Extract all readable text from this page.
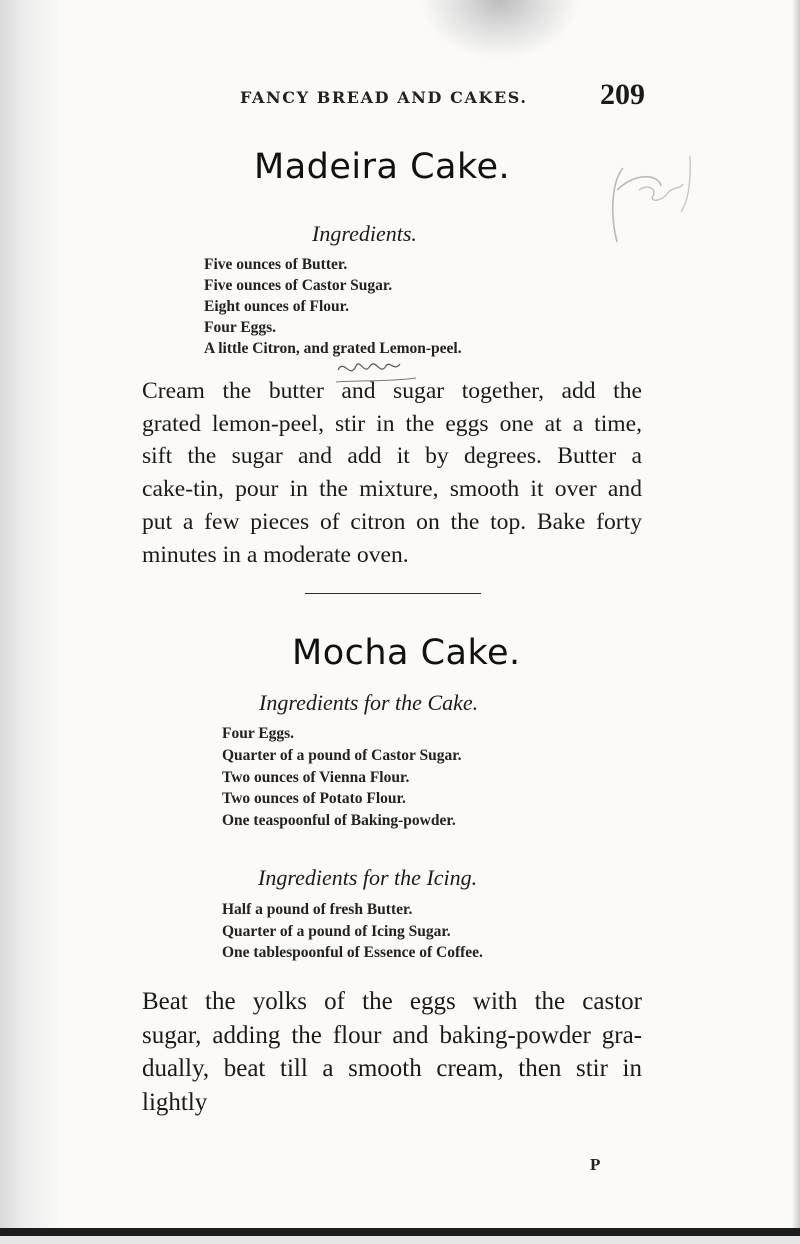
FANCY BREAD AND CAKES. 209
Madeira Cake.
Ingredients.
Five ounces of Butter.
Five ounces of Castor Sugar.
Eight ounces of Flour.
Four Eggs.
A little Citron, and grated Lemon-peel.

Cream the butter and sugar together, add the
grated lemon-peel, stir in the eggs one at a time,
sift the sugar and add it by degrees. Butter a
cake-tin, pour in the mixture, smooth it over and
put a few pieces of citron on the top. Bake forty
minutes in a moderate oven.

Mocha Cake.
Ingredients for the Cake.
Four Eggs.
Quarter of a pound of Castor Sugar.
Two ounces of Vienna Flour.
Two ounces of Potato Flour.
One teaspoonful of Baking-powder.
Ingredients for the Icing.
Half a pound of fresh Butter.
Quarter of a pound of Icing Sugar.
One tablespoonful of Essence of Coffee.

Beat the yolks of the eggs with the castor
sugar, adding the flour and baking-powder gra-
dually, beat till a smooth cream, then stir in lightly

P
